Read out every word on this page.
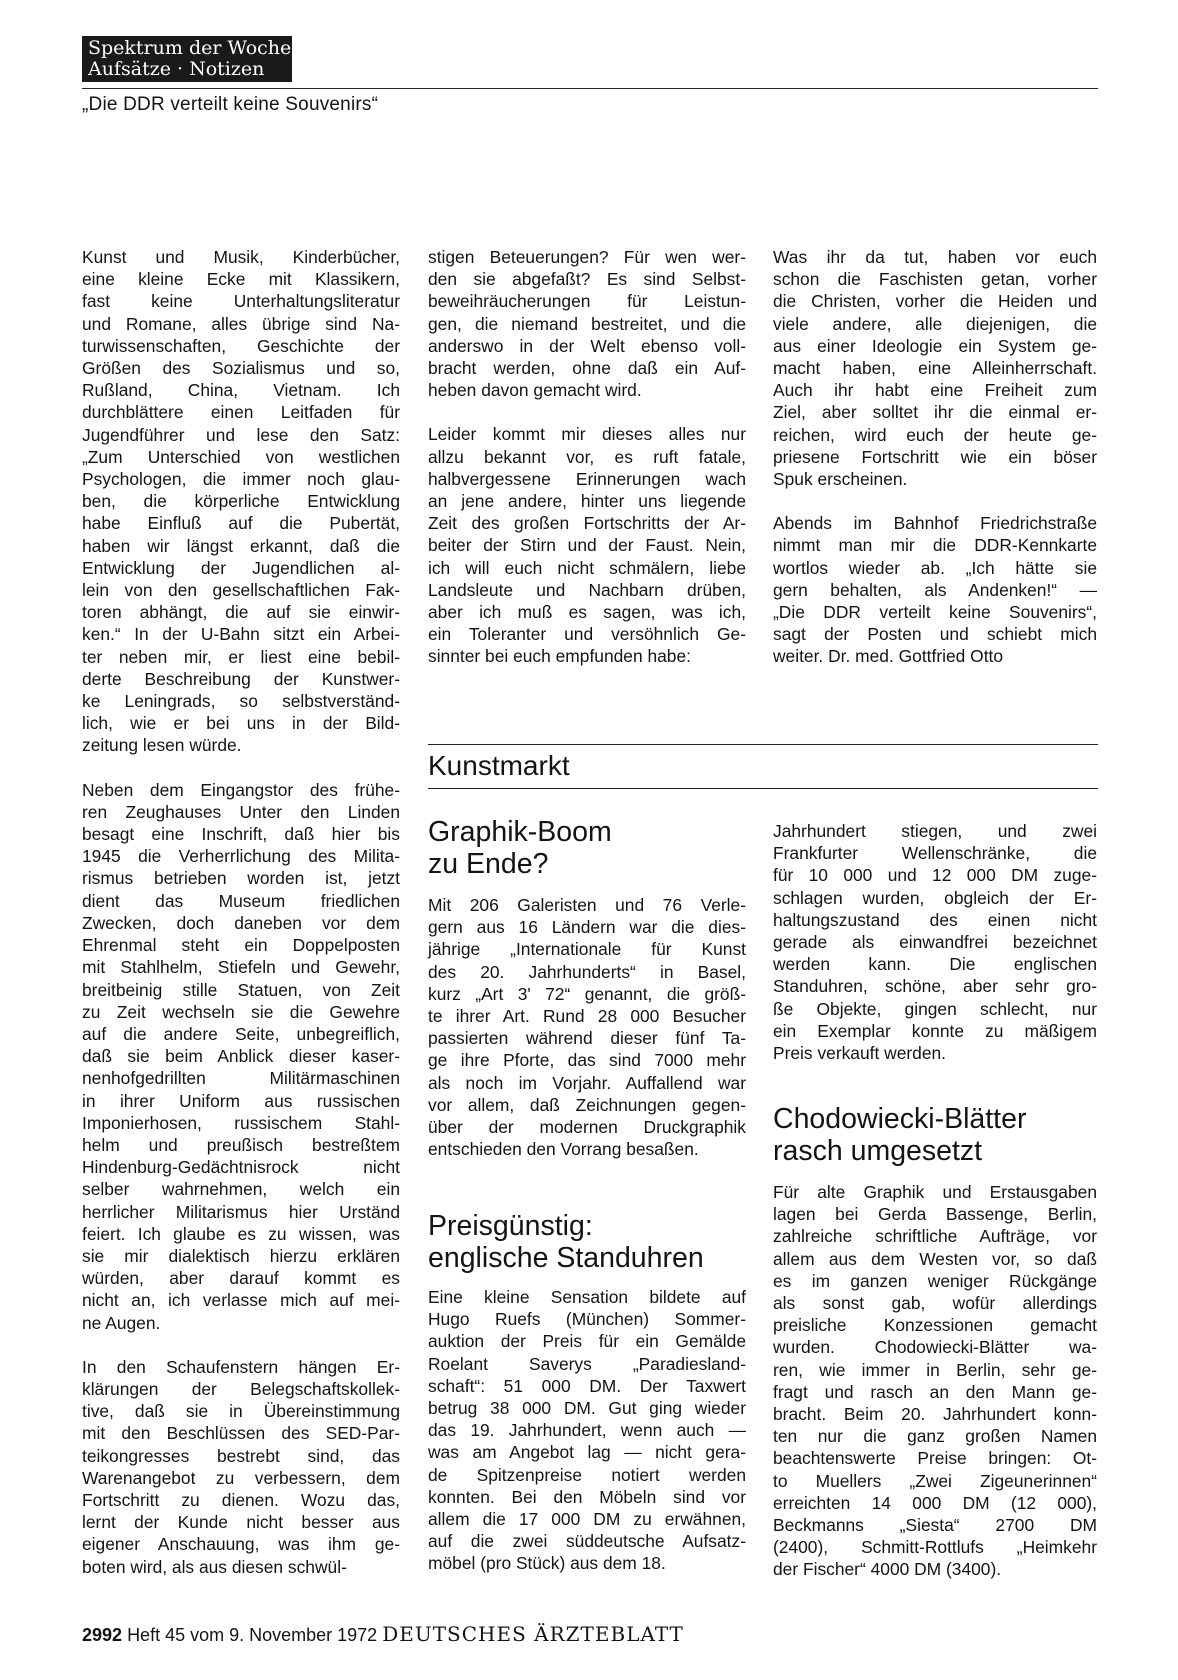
Spektrum der Woche
Aufsätze · Notizen
„Die DDR verteilt keine Souvenirs“

Kunst und Musik, Kinderbücher,

eine kleine Ecke mit Klassikern,

fast keine Unterhaltungsliteratur

und Romane, alles übrige sind Na-

turwissenschaften, Geschichte der

Größen des Sozialismus und so,

Rußland, China, Vietnam. Ich

durchblättere einen Leitfaden für

Jugendführer und lese den Satz:

„Zum Unterschied von westlichen

Psychologen, die immer noch glau-

ben, die körperliche Entwicklung

habe Einfluß auf die Pubertät,

haben wir längst erkannt, daß die

Entwicklung der Jugendlichen al-

lein von den gesellschaftlichen Fak-

toren abhängt, die auf sie einwir-

ken.“ In der U-Bahn sitzt ein Arbei-

ter neben mir, er liest eine bebil-

derte Beschreibung der Kunstwer-

ke Leningrads, so selbstverständ-

lich, wie er bei uns in der Bild-

zeitung lesen würde.

Neben dem Eingangstor des frühe-

ren Zeughauses Unter den Linden

besagt eine Inschrift, daß hier bis

1945 die Verherrlichung des Milita-

rismus betrieben worden ist, jetzt

dient das Museum friedlichen

Zwecken, doch daneben vor dem

Ehrenmal steht ein Doppelposten

mit Stahlhelm, Stiefeln und Gewehr,

breitbeinig stille Statuen, von Zeit

zu Zeit wechseln sie die Gewehre

auf die andere Seite, unbegreiflich,

daß sie beim Anblick dieser kaser-

nenhofgedrillten Militärmaschinen

in ihrer Uniform aus russischen

Imponierhosen, russischem Stahl-

helm und preußisch bestreßtem

Hindenburg-Gedächtnisrock nicht

selber wahrnehmen, welch ein

herrlicher Militarismus hier Urständ

feiert. Ich glaube es zu wissen, was

sie mir dialektisch hierzu erklären

würden, aber darauf kommt es

nicht an, ich verlasse mich auf mei-

ne Augen.

In den Schaufenstern hängen Er-

klärungen der Belegschaftskollek-

tive, daß sie in Übereinstimmung

mit den Beschlüssen des SED-Par-

teikongresses bestrebt sind, das

Warenangebot zu verbessern, dem

Fortschritt zu dienen. Wozu das,

lernt der Kunde nicht besser aus

eigener Anschauung, was ihm ge-

boten wird, als aus diesen schwül-

stigen Beteuerungen? Für wen wer-

den sie abgefaßt? Es sind Selbst-

beweihräucherungen für Leistun-

gen, die niemand bestreitet, und die

anderswo in der Welt ebenso voll-

bracht werden, ohne daß ein Auf-

heben davon gemacht wird.

Leider kommt mir dieses alles nur

allzu bekannt vor, es ruft fatale,

halbvergessene Erinnerungen wach

an jene andere, hinter uns liegende

Zeit des großen Fortschritts der Ar-

beiter der Stirn und der Faust. Nein,

ich will euch nicht schmälern, liebe

Landsleute und Nachbarn drüben,

aber ich muß es sagen, was ich,

ein Toleranter und versöhnlich Ge-

sinnter bei euch empfunden habe:

Was ihr da tut, haben vor euch

schon die Faschisten getan, vorher

die Christen, vorher die Heiden und

viele andere, alle diejenigen, die

aus einer Ideologie ein System ge-

macht haben, eine Alleinherrschaft.

Auch ihr habt eine Freiheit zum

Ziel, aber solltet ihr die einmal er-

reichen, wird euch der heute ge-

priesene Fortschritt wie ein böser

Spuk erscheinen.

Abends im Bahnhof Friedrichstraße

nimmt man mir die DDR-Kennkarte

wortlos wieder ab. „Ich hätte sie

gern behalten, als Andenken!“ —

„Die DDR verteilt keine Souvenirs“,

sagt der Posten und schiebt mich

weiter. Dr. med. Gottfried Otto

Kunstmarkt

Graphik-Boom

zu Ende?

Mit 206 Galeristen und 76 Verle-

gern aus 16 Ländern war die dies-

jährige „Internationale für Kunst

des 20. Jahrhunderts“ in Basel,

kurz „Art 3' 72“ genannt, die größ-

te ihrer Art. Rund 28 000 Besucher

passierten während dieser fünf Ta-

ge ihre Pforte, das sind 7000 mehr

als noch im Vorjahr. Auffallend war

vor allem, daß Zeichnungen gegen-

über der modernen Druckgraphik

entschieden den Vorrang besaßen.

Preisgünstig:

englische Standuhren

Eine kleine Sensation bildete auf

Hugo Ruefs (München) Sommer-

auktion der Preis für ein Gemälde

Roelant Saverys „Paradiesland-

schaft“: 51 000 DM. Der Taxwert

betrug 38 000 DM. Gut ging wieder

das 19. Jahrhundert, wenn auch —

was am Angebot lag — nicht gera-

de Spitzenpreise notiert werden

konnten. Bei den Möbeln sind vor

allem die 17 000 DM zu erwähnen,

auf die zwei süddeutsche Aufsatz-

möbel (pro Stück) aus dem 18.

Jahrhundert stiegen, und zwei

Frankfurter Wellenschränke, die

für 10 000 und 12 000 DM zuge-

schlagen wurden, obgleich der Er-

haltungszustand des einen nicht

gerade als einwandfrei bezeichnet

werden kann. Die englischen

Standuhren, schöne, aber sehr gro-

ße Objekte, gingen schlecht, nur

ein Exemplar konnte zu mäßigem

Preis verkauft werden.

Chodowiecki-Blätter

rasch umgesetzt

Für alte Graphik und Erstausgaben

lagen bei Gerda Bassenge, Berlin,

zahlreiche schriftliche Aufträge, vor

allem aus dem Westen vor, so daß

es im ganzen weniger Rückgänge

als sonst gab, wofür allerdings

preisliche Konzessionen gemacht

wurden. Chodowiecki-Blätter wa-

ren, wie immer in Berlin, sehr ge-

fragt und rasch an den Mann ge-

bracht. Beim 20. Jahrhundert konn-

ten nur die ganz großen Namen

beachtenswerte Preise bringen: Ot-

to Muellers „Zwei Zigeunerinnen“

erreichten 14 000 DM (12 000),

Beckmanns „Siesta“ 2700 DM

(2400), Schmitt-Rottlufs „Heimkehr

der Fischer“ 4000 DM (3400).

2992 Heft 45 vom 9. November 1972 DEUTSCHES ÄRZTEBLATT
